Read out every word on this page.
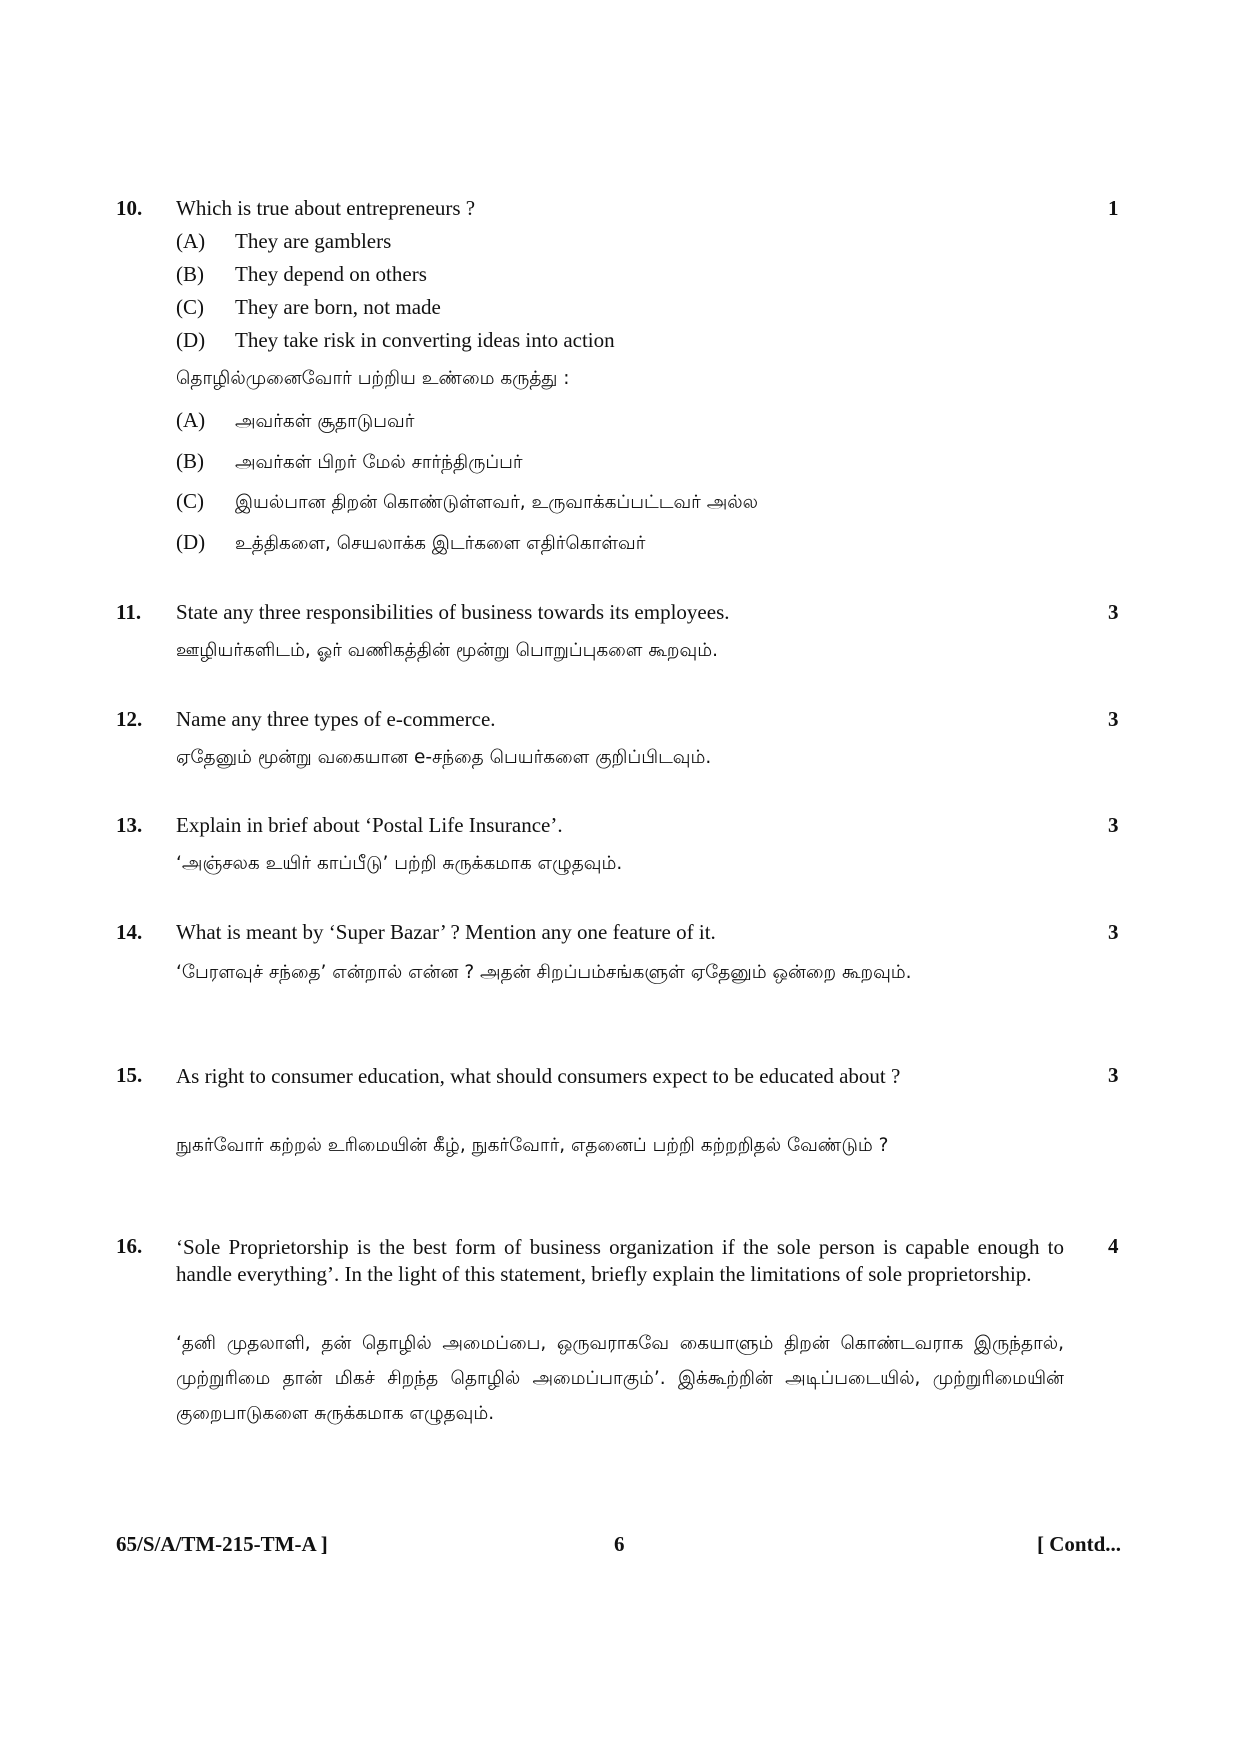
10. Which is true about entrepreneurs ?	1
(A) They are gamblers
(B) They depend on others
(C) They are born, not made
(D) They take risk in converting ideas into action
தொழில்முனைவோர் பற்றிய உண்மை கருத்து :
(A) அவர்கள் சூதாடுபவர்
(B) அவர்கள் பிறர் மேல் சார்ந்திருப்பர்
(C) இயல்பான திறன் கொண்டுள்ளவர், உருவாக்கப்பட்டவர் அல்ல
(D) உத்திகளை, செயலாக்க இடர்களை எதிர்கொள்வர்
11. State any three responsibilities of business towards its employees.	3
ஊழியர்களிடம், ஓர் வணிகத்தின் மூன்று பொறுப்புகளை கூறவும்.
12. Name any three types of e-commerce.	3
ஏதேனும் மூன்று வகையான e-சந்தை பெயர்களை குறிப்பிடவும்.
13. Explain in brief about ‘Postal Life Insurance’.	3
‘அஞ்சலக உயிர் காப்பீடு’ பற்றி சுருக்கமாக எழுதவும்.
14. What is meant by ‘Super Bazar’ ? Mention any one feature of it.	3
‘பேரளவுச் சந்தை’ என்றால் என்ன ? அதன் சிறப்பம்சங்களுள் ஏதேனும் ஒன்றை கூறவும்.
15. As right to consumer education, what should consumers expect to be educated about ?	3
நுகர்வோர் கற்றல் உரிமையின் கீழ், நுகர்வோர், எதனைப் பற்றி கற்றறிதல் வேண்டும் ?
16. ‘Sole Proprietorship is the best form of business organization if the sole person is capable enough to handle everything’. In the light of this statement, briefly explain the limitations of sole proprietorship.
4
‘தனி முதலாளி, தன் தொழில் அமைப்பை, ஒருவராகவே கையாளும் திறன் கொண்டவராக இருந்தால், முற்றுரிமை தான் மிகச் சிறந்த தொழில் அமைப்பாகும்’. இக்கூற்றின் அடிப்படையில், முற்றுரிமையின் குறைபாடுகளை சுருக்கமாக எழுதவும்.
65/S/A/TM-215-TM-A ]	6	[ Contd...
